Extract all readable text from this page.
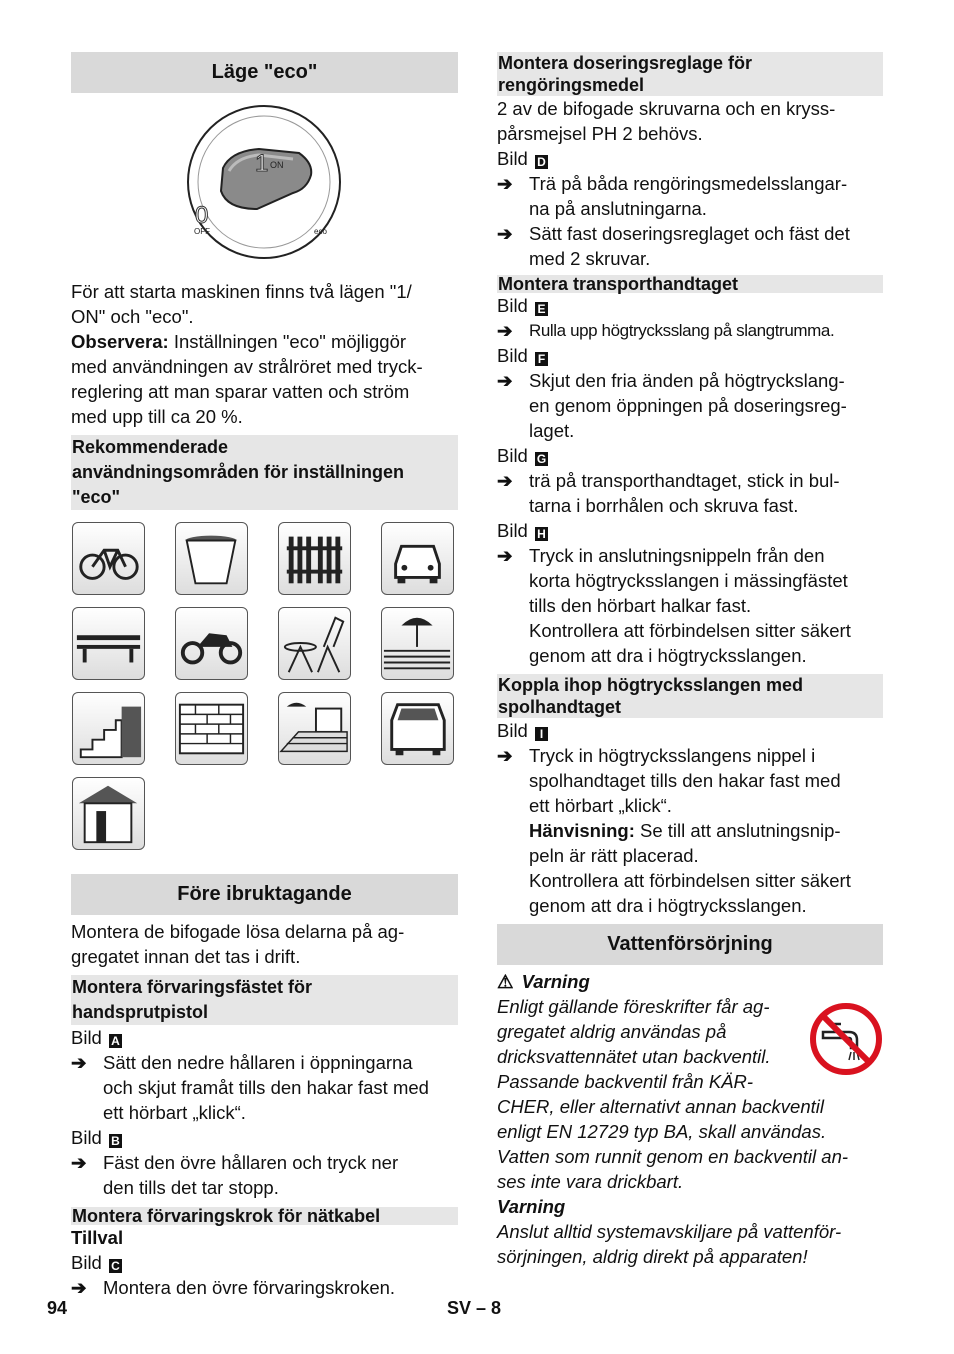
Läge "eco"
1 ON
0
OFF	eco

För att starta maskinen finns två lägen "1/

ON" och "eco".

Observera: Inställningen "eco" möjliggör

med användningen av strålröret med tryck-

reglering att man sparar vatten och ström

med upp till ca 20 %.

Rekommenderade
användningsområden för inställningen
"eco"
Före ibruktagande

Montera de bifogade lösa delarna på ag-

gregatet innan det tas i drift.

Montera förvaringsfästet för
handsprutpistol

Bild A

➔ Sätt den nedre hållaren i öppningarna
och skjut framåt tills den hakar fast med
ett hörbart „klick“.

Bild B

➔ Fäst den övre hållaren och tryck ner
den tills det tar stopp.
Montera förvaringskrok för nätkabel

Tillval

Bild C

➔ Montera den övre förvaringskroken.
Montera doseringsreglage för
rengöringsmedel

2 av de bifogade skruvarna och en kryss-

pårsmejsel PH 2 behövs.

Bild D

➔ Trä på båda rengöringsmedelsslangar-
na på anslutningarna.
➔ Sätt fast doseringsreglaget och fäst det
med 2 skruvar.
Montera transporthandtaget

Bild E

➔ Rulla upp högtrycksslang på slangtrumma.

Bild F

➔ Skjut den fria änden på högtryckslang-
en genom öppningen på doseringsreg-
laget.

Bild G

➔ trä på transporthandtaget, stick in bul-
tarna i borrhålen och skruva fast.

Bild H

➔ Tryck in anslutningsnippeln från den
korta högtrycksslangen i mässingfästet
tills den hörbart halkar fast.
Kontrollera att förbindelsen sitter säkert
genom att dra i högtrycksslangen.
Koppla ihop högtrycksslangen med
spolhandtaget

Bild I

➔ Tryck in högtrycksslangens nippel i
spolhandtaget tills den hakar fast med
ett hörbart „klick“.
Hänvisning: Se till att anslutningsnip-
peln är rätt placerad.
Kontrollera att förbindelsen sitter säkert
genom att dra i högtrycksslangen.
Vattenförsörjning

⚠ Varning

Enligt gällande föreskrifter får ag-
gregatet aldrig användas på
dricksvattennätet utan backventil.
Passande backventil från KÄR-
CHER, eller alternativt annan backventil
enligt EN 12729 typ BA, skall användas.
Vatten som runnit genom en backventil an-
ses inte vara drickbart.

Varning

Anslut alltid systemavskiljare på vattenför-
sörjningen, aldrig direkt på apparaten!
94	SV – 8
